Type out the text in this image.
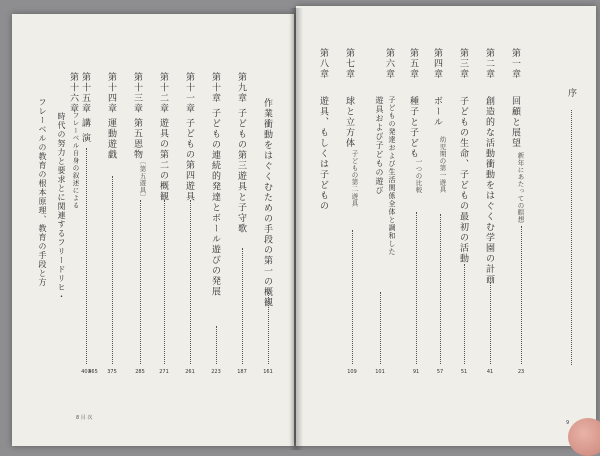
序
第一章
回顧と展望
新年にあたっての瞑想
23
第二章
創造的な活動衝動をはぐくむ学園の計画
41
第三章
子どもの生命、子どもの最初の活動
51
第四章
ボール
幼児期の第一遊具
57
第五章
種子と子ども
一つの比較
91
第六章
子どもの発達および生活関係全体と調和した
遊具および子どもの遊び
101
第七章
球と立方体
子どもの第二遊具
109
第八章
遊具、もしくは子どもの
9
作業衝動をはぐくむための手段の第一の概観
161
第九章
子どもの第三遊具と子守歌
187
第十章
子どもの連続的発達とボール遊びの発展
223
第十一章
子どもの第四遊具
261
第十二章
遊具の第二の概観
271
第十三章
第五恩物
〔第五遊具〕
285
第十四章
運動遊戯
375
第十五章
講演
403
第十六章
フレーベル自身の叙述による
時代の努力と要求とに関連するフリードリヒ・
フレーベルの教育の根本原理、教育の手段と方
465
8 目 次
